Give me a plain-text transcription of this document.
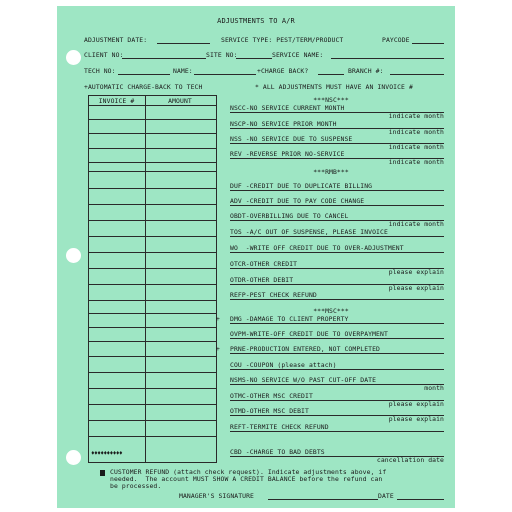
ADJUSTMENTS TO A/R
ADJUSTMENT DATE:	SERVICE TYPE: PEST/TERM/PRODUCT	PAYCODE
CLIENT NO:	SITE NO:	SERVICE NAME:
TECH NO:	NAME:	+CHARGE BACK?	BRANCH #:
+AUTOMATIC CHARGE-BACK TO TECH	* ALL ADJUSTMENTS MUST HAVE AN INVOICE #
INVOICE #	AMOUNT
♦♦♦♦♦♦♦♦♦♦
***NSC***
NSCC-NO SERVICE CURRENT MONTH
indicate month
NSCP-NO SERVICE PRIOR MONTH
indicate month
NSS -NO SERVICE DUE TO SUSPENSE
indicate month
REV -REVERSE PRIOR NO-SERVICE
indicate month
***RMB***
DUF -CREDIT DUE TO DUPLICATE BILLING
ADV -CREDIT DUE TO PAY CODE CHANGE
OBDT-OVERBILLING DUE TO CANCEL
indicate month
TOS -A/C OUT OF SUSPENSE, PLEASE INVOICE
WO  -WRITE OFF CREDIT DUE TO OVER-ADJUSTMENT
OTCR-OTHER CREDIT
please explain
OTDR-OTHER DEBIT
please explain
REFP-PEST CHECK REFUND
***MSC***
+ DMG -DAMAGE TO CLIENT PROPERTY
OVPM-WRITE-OFF CREDIT DUE TO OVERPAYMENT
+ PRNE-PRODUCTION ENTERED, NOT COMPLETED
COU -COUPON (please attach)
NSMS-NO SERVICE W/O PAST CUT-OFF DATE
month
OTMC-OTHER MSC CREDIT
please explain
OTMD-OTHER MSC DEBIT
please explain
REFT-TERMITE CHECK REFUND
CBD -CHARGE TO BAD DEBTS
cancellation date
CUSTOMER REFUND (attach check request). Indicate adjustments above, if
needed.  The account MUST SHOW A CREDIT BALANCE before the refund can
be processed.
MANAGER'S SIGNATURE	DATE
